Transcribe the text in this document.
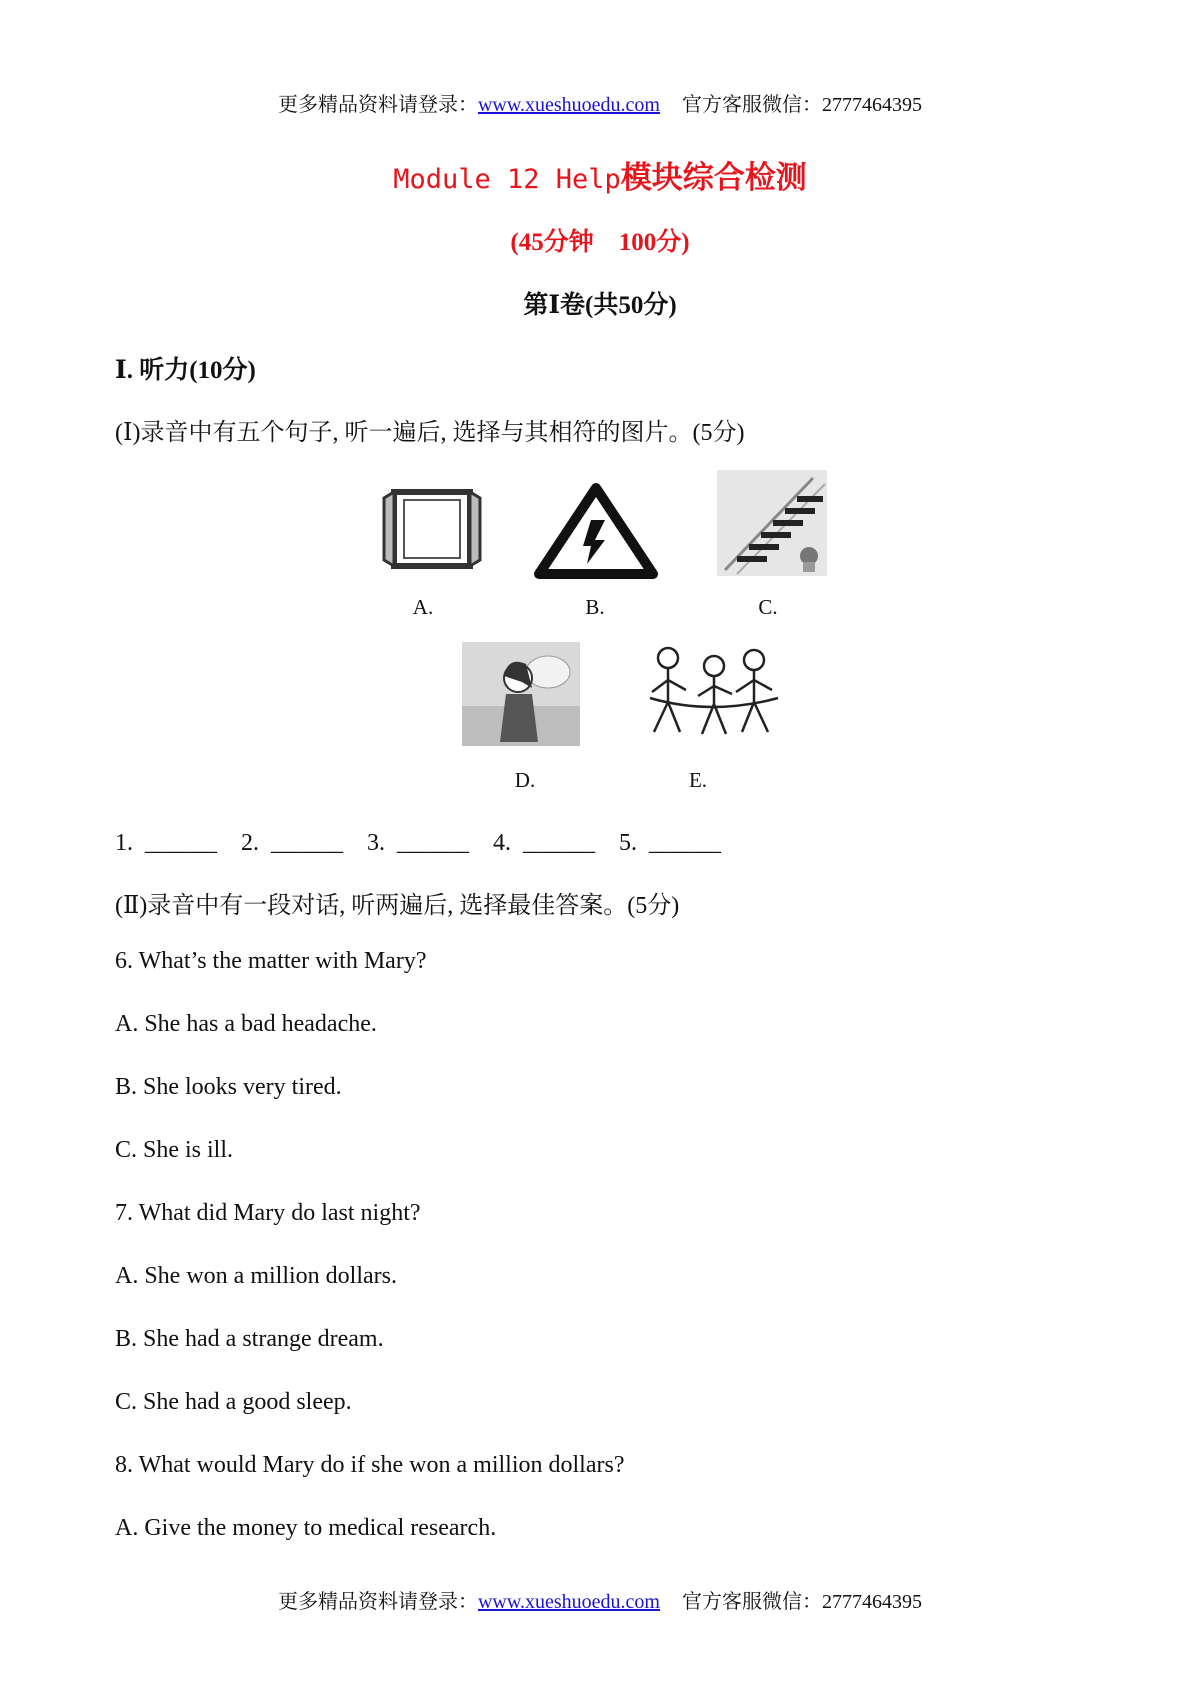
更多精品资料请登录：www.xueshuoedu.com 官方客服微信：2777464395
Module 12 Help模块综合检测
(45分钟　100分)
第Ⅰ卷(共50分)
Ⅰ. 听力(10分)
(Ⅰ)录音中有五个句子, 听一遍后, 选择与其相符的图片。(5分)
A.	B.	C.
D.	E.
1. ______　2. ______　3. ______　4. ______　5. ______
(Ⅱ)录音中有一段对话, 听两遍后, 选择最佳答案。(5分)
6. What’s the matter with Mary?
A. She has a bad headache.
B. She looks very tired.
C. She is ill.
7. What did Mary do last night?
A. She won a million dollars.
B. She had a strange dream.
C. She had a good sleep.
8. What would Mary do if she won a million dollars?
A. Give the money to medical research.
更多精品资料请登录：www.xueshuoedu.com 官方客服微信：2777464395
